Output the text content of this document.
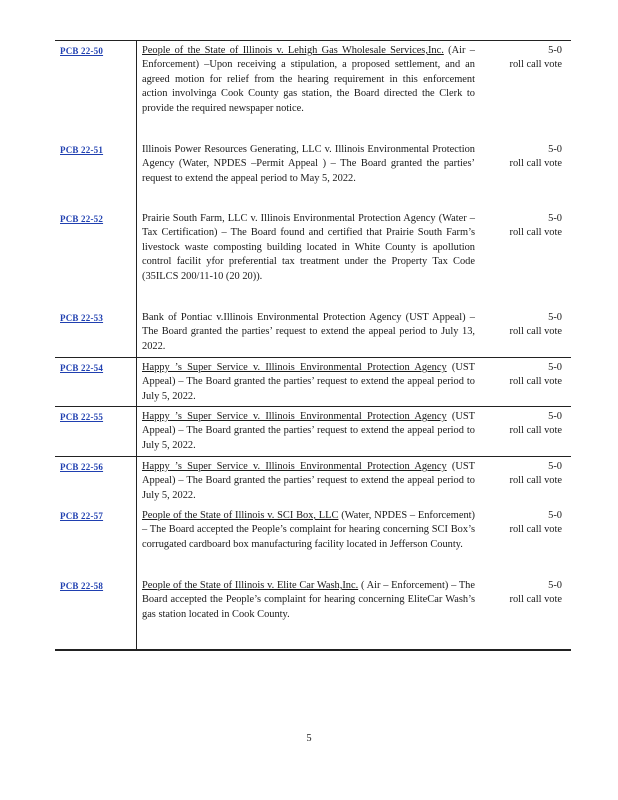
PCB 22-50	People of the State of Illinois v. Lehigh Gas Wholesale Services,Inc. (Air –Enforcement) –Upon receiving a stipulation, a proposed settlement, and an agreed motion for relief from the hearing requirement in this enforcement action involvinga Cook County gas station, the Board directed the Clerk to provide the required newspaper notice.
5-0
roll call vote
PCB 22-51	Illinois Power Resources Generating, LLC v. Illinois Environmental Protection Agency (Water, NPDES –Permit Appeal ) – The Board granted the parties’ request to extend the appeal period to May 5, 2022.
5-0
roll call vote
PCB 22-52	Prairie South Farm, LLC v. Illinois Environmental Protection Agency (Water –Tax Certification) – The Board found and certified that Prairie South Farm’s livestock waste composting building located in White County is apollution control facilit yfor preferential tax treatment under the Property Tax Code (35ILCS 200/11-10 (20 20)).
5-0
roll call vote
PCB 22-53	Bank of Pontiac v.Illinois Environmental Protection Agency (UST Appeal) – The Board granted the parties’ request to extend the appeal period to July 13, 2022.
5-0
roll call vote
PCB 22-54	Happy ’s Super Service v. Illinois Environmental Protection Agency (UST Appeal) – The Board granted the parties’ request to extend the appeal period to July 5, 2022.
5-0
roll call vote
PCB 22-55	Happy ’s Super Service v. Illinois Environmental Protection Agency (UST Appeal) – The Board granted the parties’ request to extend the appeal period to July 5, 2022.
5-0
roll call vote
PCB 22-56	Happy ’s Super Service v. Illinois Environmental Protection Agency (UST Appeal) – The Board granted the parties’ request to extend the appeal period to July 5, 2022.
5-0
roll call vote
PCB 22-57	People of the State of Illinois v. SCI Box, LLC (Water, NPDES – Enforcement) – The Board accepted the People’s complaint for hearing concerning SCI Box’s corrugated cardboard box manufacturing facility located in Jefferson County.
5-0
roll call vote
PCB 22-58	People of the State of Illinois v. Elite Car Wash,Inc. ( Air – Enforcement) – The Board accepted the People’s complaint for hearing concerning EliteCar Wash’s gas station located in Cook County.
5-0
roll call vote
5
